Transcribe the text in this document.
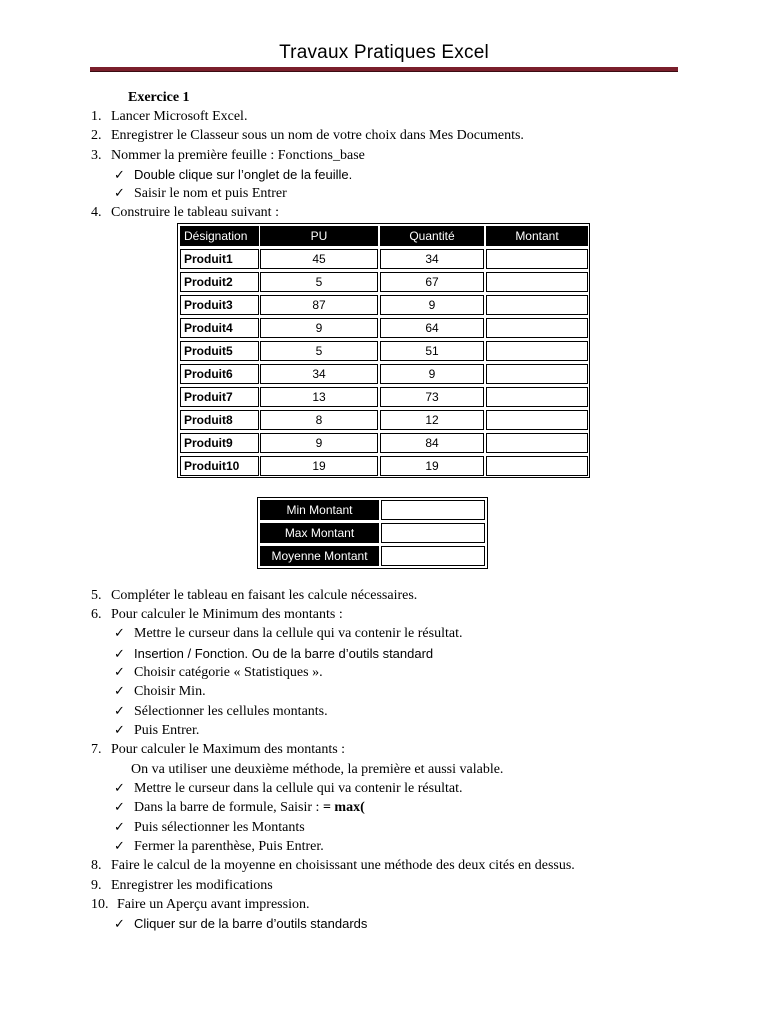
Travaux Pratiques Excel
Exercice 1
1. Lancer Microsoft Excel.
2. Enregistrer le Classeur sous un nom de votre choix dans Mes Documents.
3. Nommer la première feuille : Fonctions_base
✓ Double clique sur l’onglet de la feuille.
✓ Saisir le nom et puis Entrer
4. Construire le tableau suivant :
Désignation	PU	Quantité	Montant
Produit1	45	34
Produit2	5	67
Produit3	87	9
Produit4	9	64
Produit5	5	51
Produit6	34	9
Produit7	13	73
Produit8	8	12
Produit9	9	84
Produit10	19	19
Min Montant
Max Montant
Moyenne Montant
5. Compléter le tableau en faisant les calcule nécessaires.
6. Pour calculer le Minimum des montants :
✓ Mettre le curseur dans la cellule qui va contenir le résultat.
✓ Insertion / Fonction. Ou de la barre d’outils standard
✓ Choisir catégorie « Statistiques ».
✓ Choisir Min.
✓ Sélectionner les cellules montants.
✓ Puis Entrer.
7. Pour calculer le Maximum des montants :
On va utiliser une deuxième méthode, la première et aussi valable.
✓ Mettre le curseur dans la cellule qui va contenir le résultat.
✓ Dans la barre de formule, Saisir : = max(
✓ Puis sélectionner les Montants
✓ Fermer la parenthèse, Puis Entrer.
8. Faire le calcul de la moyenne en choisissant une méthode des deux cités en dessus.
9. Enregistrer les modifications
10. Faire un Aperçu avant impression.
✓ Cliquer sur de la barre d’outils standards
